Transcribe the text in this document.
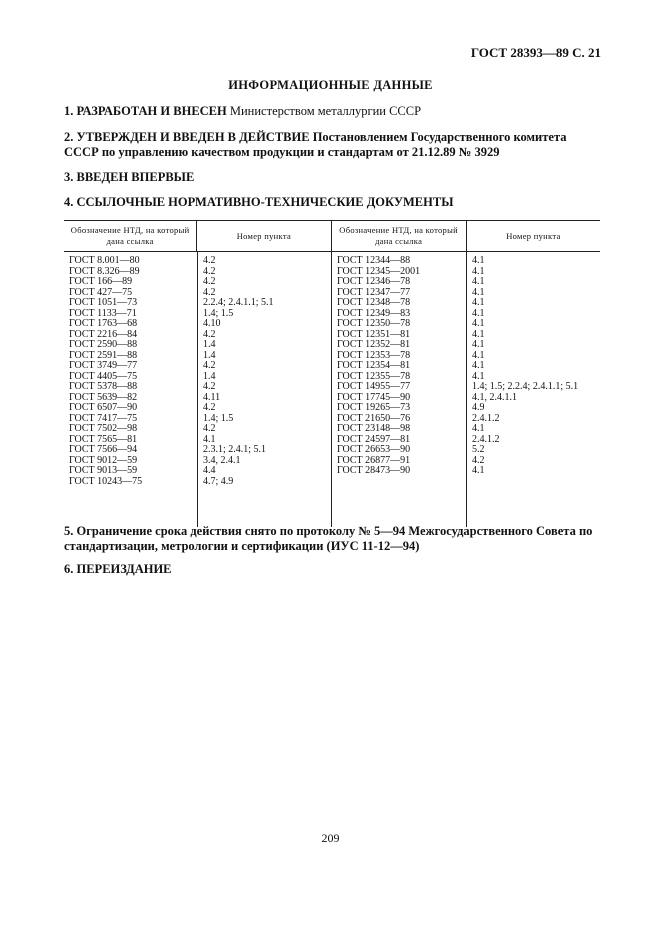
ГОСТ 28393—89 С. 21
ИНФОРМАЦИОННЫЕ ДАННЫЕ
1. РАЗРАБОТАН И ВНЕСЕН Министерством металлургии СССР
2. УТВЕРЖДЕН И ВВЕДЕН В ДЕЙСТВИЕ Постановлением Государственного комитета СССР по управлению качеством продукции и стандартам от 21.12.89 № 3929
3. ВВЕДЕН ВПЕРВЫЕ
4. ССЫЛОЧНЫЕ НОРМАТИВНО-ТЕХНИЧЕСКИЕ ДОКУМЕНТЫ
Обозначение НТД, на который дана ссылка
Номер пункта
Обозначение НТД, на который дана ссылка
Номер пункта
ГОСТ 8.001—80
ГОСТ 8.326—89
ГОСТ 166—89
ГОСТ 427—75
ГОСТ 1051—73
ГОСТ 1133—71
ГОСТ 1763—68
ГОСТ 2216—84
ГОСТ 2590—88
ГОСТ 2591—88
ГОСТ 3749—77
ГОСТ 4405—75
ГОСТ 5378—88
ГОСТ 5639—82
ГОСТ 6507—90
ГОСТ 7417—75
ГОСТ 7502—98
ГОСТ 7565—81
ГОСТ 7566—94
ГОСТ 9012—59
ГОСТ 9013—59
ГОСТ 10243—75
4.2
4.2
4.2
4.2
2.2.4; 2.4.1.1; 5.1
1.4; 1.5
4.10
4.2
1.4
1.4
4.2
1.4
4.2
4.11
4.2
1.4; 1.5
4.2
4.1
2.3.1; 2.4.1; 5.1
3.4, 2.4.1
4.4
4.7; 4.9
ГОСТ 12344—88
ГОСТ 12345—2001
ГОСТ 12346—78
ГОСТ 12347—77
ГОСТ 12348—78
ГОСТ 12349—83
ГОСТ 12350—78
ГОСТ 12351—81
ГОСТ 12352—81
ГОСТ 12353—78
ГОСТ 12354—81
ГОСТ 12355—78
ГОСТ 14955—77
ГОСТ 17745—90
ГОСТ 19265—73
ГОСТ 21650—76
ГОСТ 23148—98
ГОСТ 24597—81
ГОСТ 26653—90
ГОСТ 26877—91
ГОСТ 28473—90
4.1
4.1
4.1
4.1
4.1
4.1
4.1
4.1
4.1
4.1
4.1
4.1
1.4; 1.5; 2.2.4; 2.4.1.1; 5.1
4.1, 2.4.1.1
4.9
2.4.1.2
4.1
2.4.1.2
5.2
4.2
4.1
5. Ограничение срока действия снято по протоколу № 5—94 Межгосударственного Совета по стандартизации, метрологии и сертификации (ИУС 11-12—94)
6. ПЕРЕИЗДАНИЕ
209
